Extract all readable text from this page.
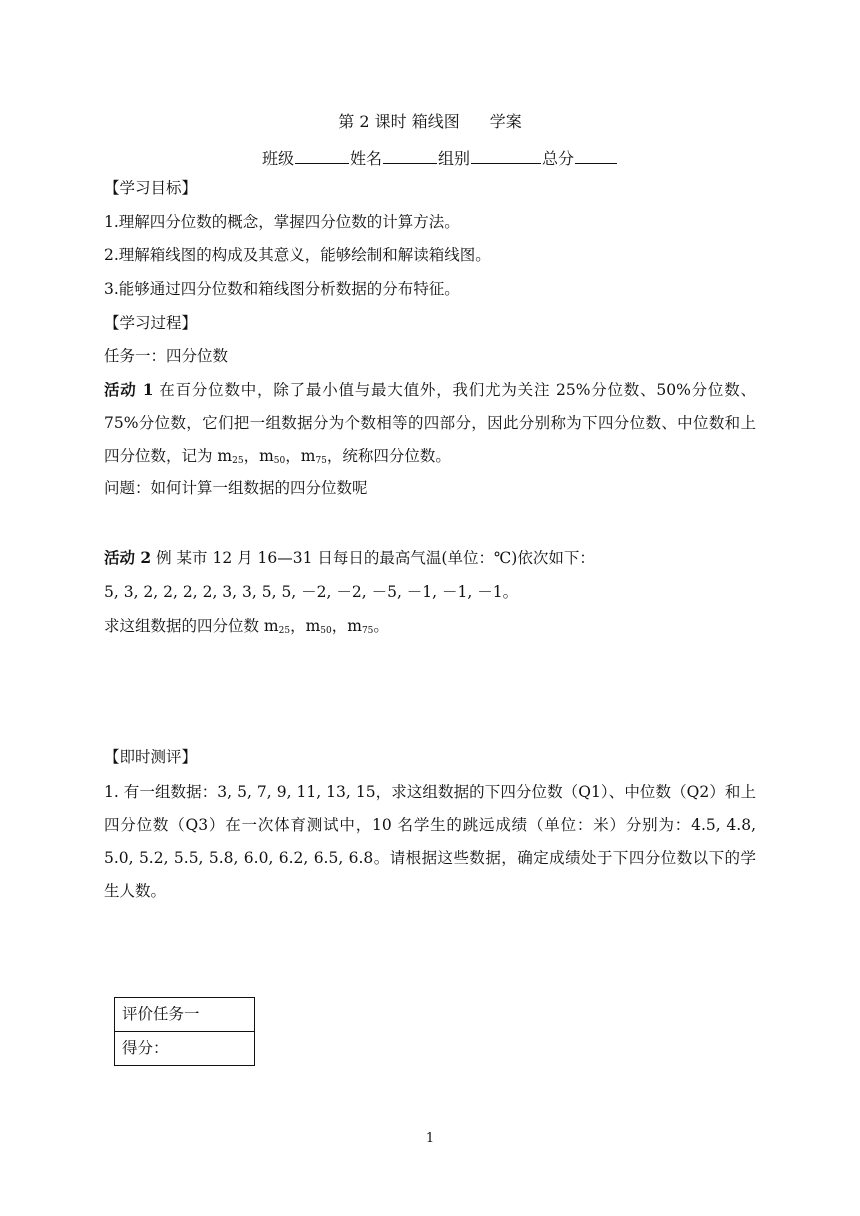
第 2 课时 箱线图 学案
班级	姓名	组别	总分
【学习目标】
1.理解四分位数的概念，掌握四分位数的计算方法。
2.理解箱线图的构成及其意义，能够绘制和解读箱线图。
3.能够通过四分位数和箱线图分析数据的分布特征。
【学习过程】
任务一：四分位数
活动 1 在百分位数中，除了最小值与最大值外，我们尤为关注 25%分位数、50%分位数、75%分位数，它们把一组数据分为个数相等的四部分，因此分别称为下四分位数、中位数和上四分位数，记为 $m_{25}$，$m_{50}$，$m_{75}$，统称四分位数。
问题：如何计算一组数据的四分位数呢
活动 2 例 某市 12 月 16—31 日每日的最高气温(单位：℃)依次如下：
5, 3, 2, 2, 2, 2, 3, 3, 5, 5, －2, －2, －5, －1, －1, －1。
求这组数据的四分位数 $m_{25}$，$m_{50}$，$m_{75}$。
【即时测评】
1. 有一组数据：3, 5, 7, 9, 11, 13, 15，求这组数据的下四分位数（Q1）、中位数（Q2）和上四分位数（Q3）在一次体育测试中，10 名学生的跳远成绩（单位：米）分别为：4.5, 4.8, 5.0, 5.2, 5.5, 5.8, 6.0, 6.2, 6.5, 6.8。请根据这些数据，确定成绩处于下四分位数以下的学生人数。
评价任务一
得分：
1
